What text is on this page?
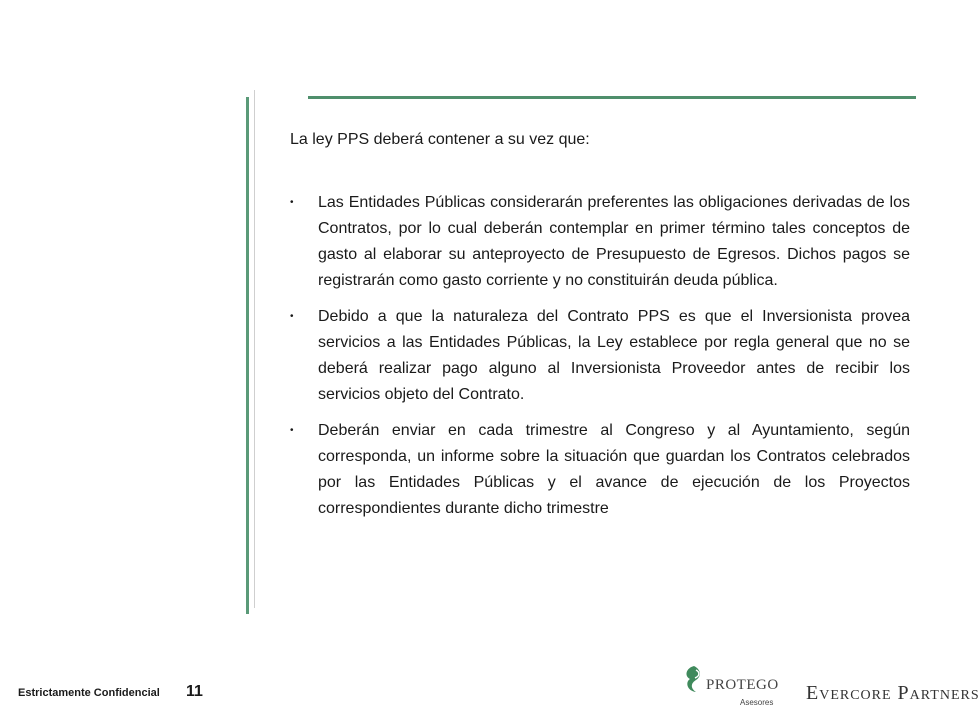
La ley PPS deberá contener a su vez que:

• Las Entidades Públicas considerarán preferentes las obligaciones derivadas de los Contratos, por lo cual deberán contemplar en primer término tales conceptos de gasto al elaborar su anteproyecto de Presupuesto de Egresos. Dichos pagos se registrarán como gasto corriente y no constituirán deuda pública.
• Debido a que la naturaleza del Contrato PPS es que el Inversionista provea servicios a las Entidades Públicas, la Ley establece por regla general que no se deberá realizar pago alguno al Inversionista Proveedor antes de recibir los servicios objeto del Contrato.
• Deberán enviar en cada trimestre al Congreso y al Ayuntamiento, según corresponda, un informe sobre la situación que guardan los Contratos celebrados por las Entidades Públicas y el avance de ejecución de los Proyectos correspondientes durante dicho trimestre
Estrictamente Confidencial 11	PROTEGO
Asesores Evercore Partners
